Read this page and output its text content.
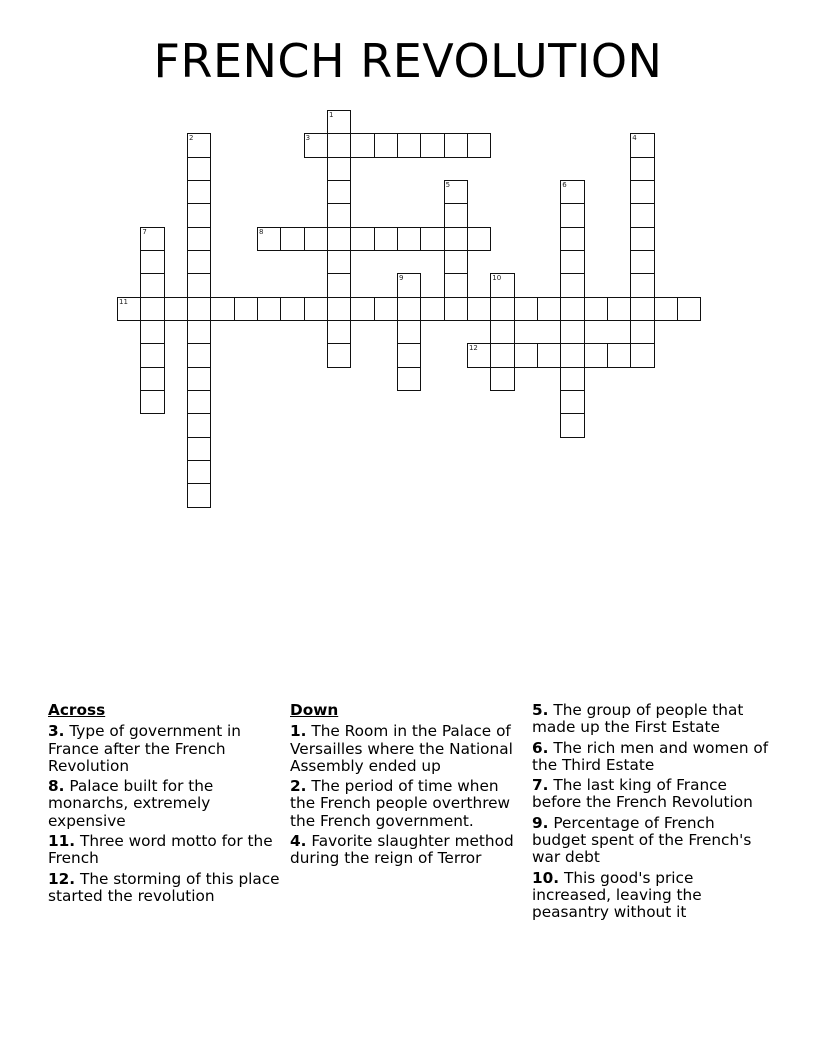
FRENCH REVOLUTION
1
2	3	4
5	6
7	8
9	10
11
12
Across
3. Type of government in France after the French Revolution
8. Palace built for the monarchs, extremely expensive
11. Three word motto for the French
12. The storming of this place started the revolution
Down
1. The Room in the Palace of Versailles where the National Assembly ended up
2. The period of time when the French people overthrew the French government.
4. Favorite slaughter method during the reign of Terror
5. The group of people that made up the First Estate
6. The rich men and women of the Third Estate
7. The last king of France before the French Revolution
9. Percentage of French budget spent of the French's war debt
10. This good's price increased, leaving the peasantry without it
